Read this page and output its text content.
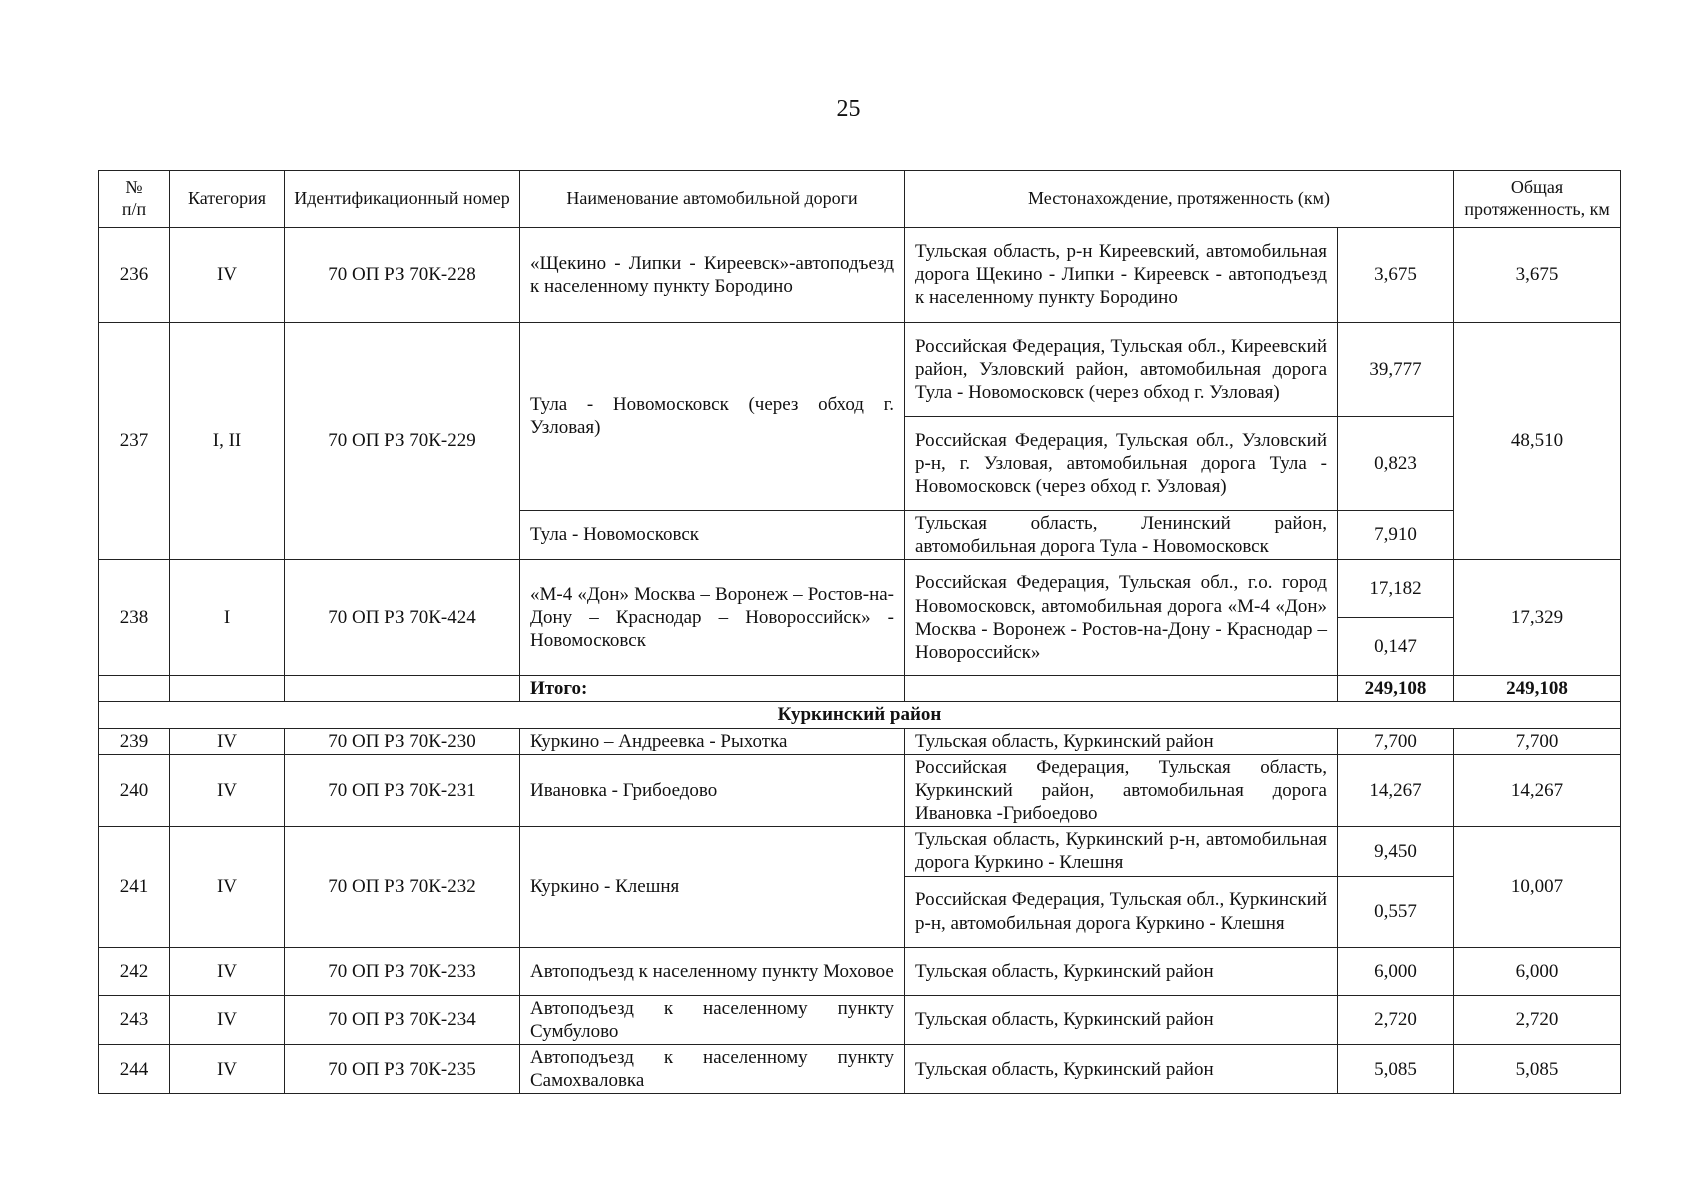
25
№
п/п	Категория	Идентификационный номер	Наименование автомобильной дороги	Местонахождение, протяженность (км)		Общая протяженность, км
236	IV	70 ОП РЗ 70К-228	«Щекино - Липки - Киреевск»-автоподъезд к населенному пункту Бородино	Тульская область, р-н Киреевский, автомобильная дорога Щекино - Липки - Киреевск - автоподъезд к населенному пункту Бородино	3,675	3,675
237	I, II	70 ОП РЗ 70К-229	Тула - Новомосковск (через обход г. Узловая)	Российская Федерация, Тульская обл., Киреевский район, Узловский район, автомобильная дорога Тула - Новомосковск (через обход г. Узловая)	39,777	48,510
				Российская Федерация, Тульская обл., Узловский р-н, г. Узловая, автомобильная дорога Тула - Новомосковск (через обход г. Узловая)	0,823	
			Тула - Новомосковск	Тульская область, Ленинский район, автомобильная дорога Тула - Новомосковск	7,910	
238	I	70 ОП РЗ 70К-424	«М-4 «Дон» Москва – Воронеж – Ростов-на-Дону – Краснодар – Новороссийск» - Новомосковск	Российская Федерация, Тульская обл., г.о. город Новомосковск, автомобильная дорога «М-4 «Дон» Москва - Воронеж - Ростов-на-Дону - Краснодар – Новороссийск»	17,182	17,329
					0,147	
			Итого:		249,108	249,108
Куркинский район						
239	IV	70 ОП РЗ 70К-230	Куркино – Андреевка - Рыхотка	Тульская область, Куркинский район	7,700	7,700
240	IV	70 ОП РЗ 70К-231	Ивановка - Грибоедово	Российская Федерация, Тульская область, Куркинский район, автомобильная дорога Ивановка -Грибоедово	14,267	14,267
241	IV	70 ОП РЗ 70К-232	Куркино - Клешня	Тульская область, Куркинский р-н, автомобильная дорога Куркино - Клешня	9,450	10,007
				Российская Федерация, Тульская обл., Куркинский р-н, автомобильная дорога Куркино - Клешня	0,557	
242	IV	70 ОП РЗ 70К-233	Автоподъезд к населенному пункту Моховое	Тульская область, Куркинский район	6,000	6,000
243	IV	70 ОП РЗ 70К-234	Автоподъезд к населенному пункту Сумбулово	Тульская область, Куркинский район	2,720	2,720
244	IV	70 ОП РЗ 70К-235	Автоподъезд к населенному пункту Самохваловка	Тульская область, Куркинский район	5,085	5,085
